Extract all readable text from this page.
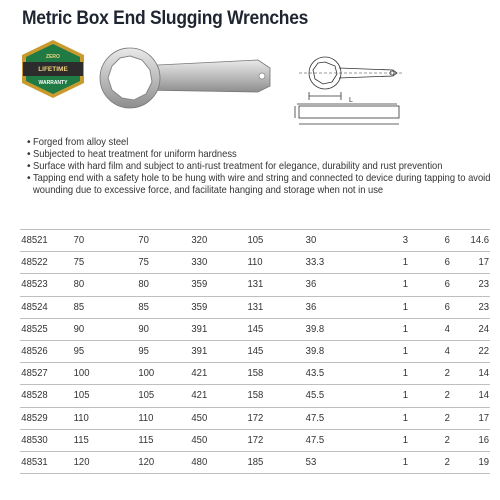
Metric Box End Slugging Wrenches
ZERO
LIFETIME
WARRANTY
L
• Forged from alloy steel
• Subjected to heat treatment for uniform hardness
• Surface with hard film and subject to anti-rust treatment for elegance, durability and rust prevention
• Tapping end with a safety hole to be hung with wire and string and connected to device during tapping to avoid wounding due to excessive force, and facilitate hanging and storage when not in use
48521	70	70	320	105	30	3	6	14.6
48522	75	75	330	110	33.3	1	6	17
48523	80	80	359	131	36	1	6	23
48524	85	85	359	131	36	1	6	23
48525	90	90	391	145	39.8	1	4	24
48526	95	95	391	145	39.8	1	4	22
48527	100	100	421	158	43.5	1	2	14
48528	105	105	421	158	45.5	1	2	14
48529	110	110	450	172	47.5	1	2	17
48530	115	115	450	172	47.5	1	2	16
48531	120	120	480	185	53	1	2	19
